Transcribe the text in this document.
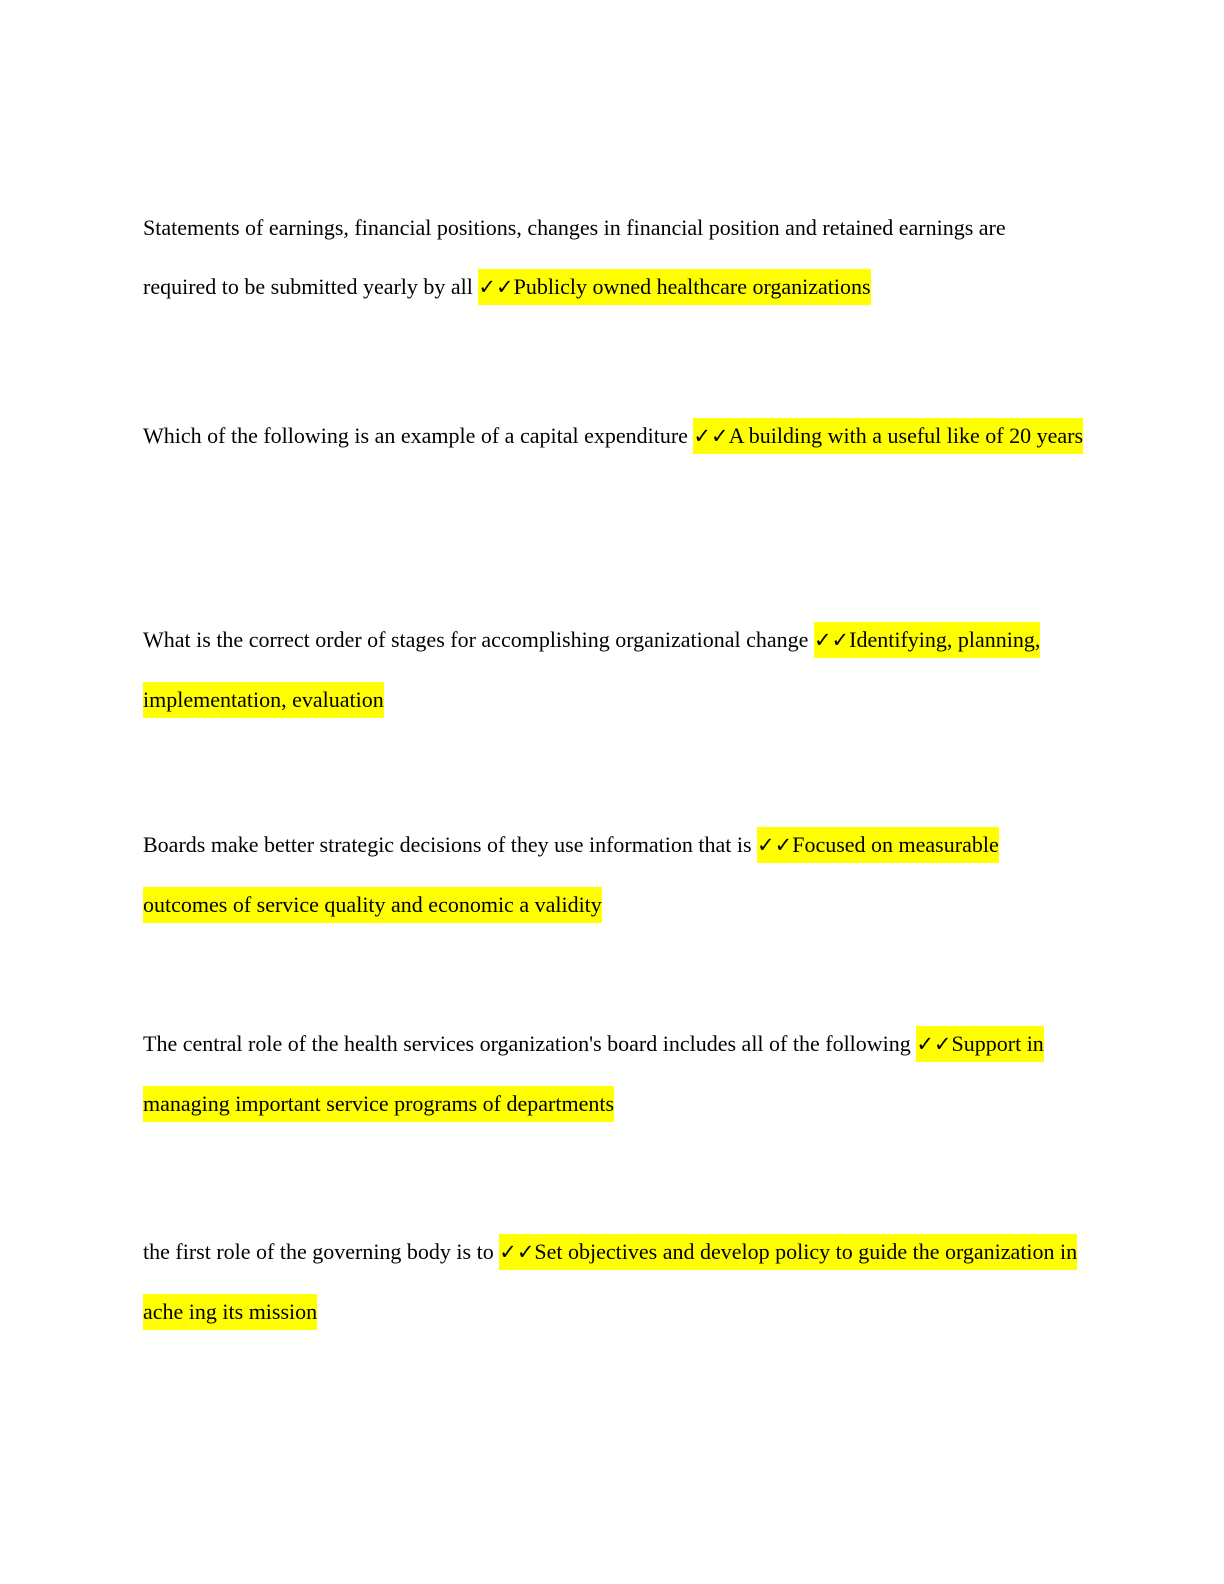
Statements of earnings, financial positions, changes in financial position and retained earnings are required to be submitted yearly by all ✓✓Publicly owned healthcare organizations

Which of the following is an example of a capital expenditure ✓✓A building with a useful like of 20 years

What is the correct order of stages for accomplishing organizational change ✓✓Identifying, planning, implementation, evaluation

Boards make better strategic decisions of they use information that is ✓✓Focused on measurable outcomes of service quality and economic a validity

The central role of the health services organization's board includes all of the following ✓✓Support in managing important service programs of departments

the first role of the governing body is to ✓✓Set objectives and develop policy to guide the organization in ache ing its mission
